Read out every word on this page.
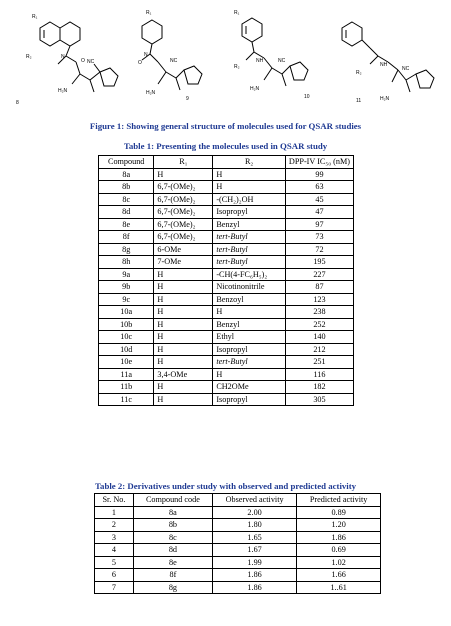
R₁
R₂	N
O NC
H₂N
8
R₁
N
O	NC
H₂N
9
R₁
R₂
NH	NC
H₂N
10
R₂
NH
NC
H₂N
11
Figure 1: Showing general structure of molecules used for QSAR studies
Table 1: Presenting the molecules used in QSAR study
Compound	R₁	R₂	DPP-IV IC₅₀ (nM)
8a	H	H	99
8b	6,7-(OMe)₂	H	63
8c	6,7-(OMe)₂	-(CH₂)₂OH	45
8d	6,7-(OMe)₂	Isopropyl	47
8e	6,7-(OMe)₂	Benzyl	97
8f	6,7-(OMe)₂	tert-Butyl	73
8g	6-OMe	tert-Butyl	72
8h	7-OMe	tert-Butyl	195
9a	H	-CH(4-FC₆H₅)₂	227
9b	H	Nicotinonitrile	87
9c	H	Benzoyl	123
10a	H	H	238
10b	H	Benzyl	252
10c	H	Ethyl	140
10d	H	Isopropyl	212
10e	H	tert-Butyl	251
11a	3,4-OMe	H	116
11b	H	CH2OMe	182
11c	H	Isopropyl	305
Table 2: Derivatives under study with observed and predicted activity
Sr. No.	Compound code	Observed activity	Predicted activity
1	8a	2.00	0.89
2	8b	1.80	1.20
3	8c	1.65	1.86
4	8d	1.67	0.69
5	8e	1.99	1.02
6	8f	1.86	1.66
7	8g	1.86	1..61
